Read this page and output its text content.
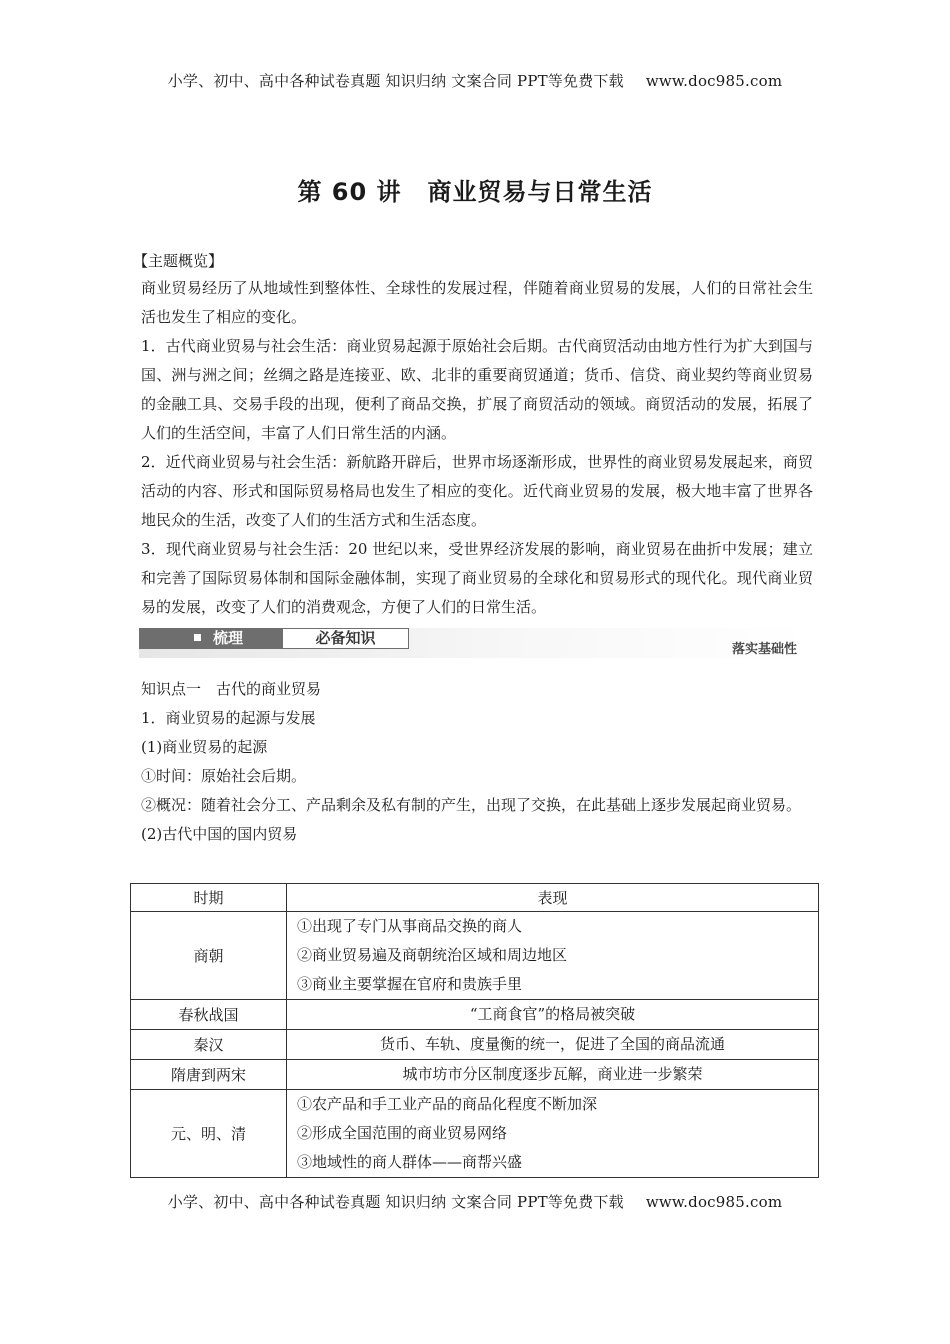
小学、初中、高中各种试卷真题 知识归纳 文案合同 PPT等免费下载 www.doc985.com
第 60 讲 商业贸易与日常生活
【主题概览】

商业贸易经历了从地域性到整体性、全球性的发展过程，伴随着商业贸易的发展，人们的日常社会生活也发生了相应的变化。

1．古代商业贸易与社会生活：商业贸易起源于原始社会后期。古代商贸活动由地方性行为扩大到国与国、洲与洲之间；丝绸之路是连接亚、欧、北非的重要商贸通道；货币、信贷、商业契约等商业贸易的金融工具、交易手段的出现，便利了商品交换，扩展了商贸活动的领域。商贸活动的发展，拓展了人们的生活空间，丰富了人们日常生活的内涵。

2．近代商业贸易与社会生活：新航路开辟后，世界市场逐渐形成，世界性的商业贸易发展起来，商贸活动的内容、形式和国际贸易格局也发生了相应的变化。近代商业贸易的发展，极大地丰富了世界各地民众的生活，改变了人们的生活方式和生活态度。

3．现代商业贸易与社会生活：20 世纪以来，受世界经济发展的影响，商业贸易在曲折中发展；建立和完善了国际贸易体制和国际金融体制，实现了商业贸易的全球化和贸易形式的现代化。现代商业贸易的发展，改变了人们的消费观念，方便了人们的日常生活。

梳理	必备知识
落实基础性

知识点一　古代的商业贸易

1．商业贸易的起源与发展

(1)商业贸易的起源

①时间：原始社会后期。

②概况：随着社会分工、产品剩余及私有制的产生，出现了交换，在此基础上逐步发展起商业贸易。

(2)古代中国的国内贸易

时期	表现
商朝	①出现了专门从事商品交换的商人
②商业贸易遍及商朝统治区域和周边地区
③商业主要掌握在官府和贵族手里

春秋战国	“工商食官”的格局被突破
秦汉	货币、车轨、度量衡的统一，促进了全国的商品流通
隋唐到两宋	城市坊市分区制度逐步瓦解，商业进一步繁荣
元、明、清	①农产品和手工业产品的商品化程度不断加深
②形成全国范围的商业贸易网络
③地域性的商人群体——商帮兴盛
小学、初中、高中各种试卷真题 知识归纳 文案合同 PPT等免费下载 www.doc985.com
